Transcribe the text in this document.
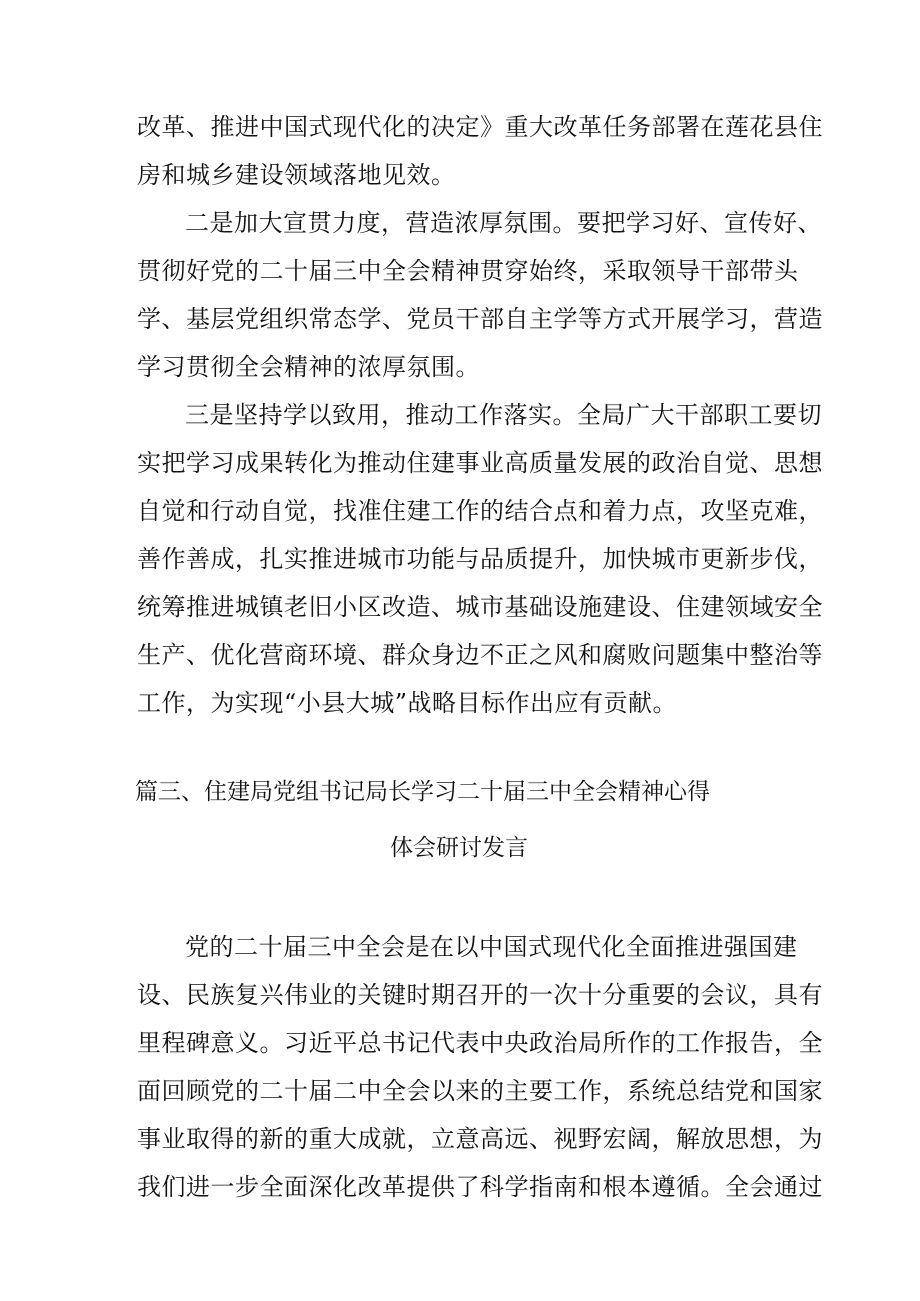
改革、推进中国式现代化的决定》重大改革任务部署在莲花县住
房和城乡建设领域落地见效。
二是加大宣贯力度，营造浓厚氛围。要把学习好、宣传好、
贯彻好党的二十届三中全会精神贯穿始终，采取领导干部带头
学、基层党组织常态学、党员干部自主学等方式开展学习，营造
学习贯彻全会精神的浓厚氛围。
三是坚持学以致用，推动工作落实。全局广大干部职工要切
实把学习成果转化为推动住建事业高质量发展的政治自觉、思想
自觉和行动自觉，找准住建工作的结合点和着力点，攻坚克难，
善作善成，扎实推进城市功能与品质提升，加快城市更新步伐，
统筹推进城镇老旧小区改造、城市基础设施建设、住建领域安全
生产、优化营商环境、群众身边不正之风和腐败问题集中整治等
工作，为实现“小县大城”战略目标作出应有贡献。
篇三、住建局党组书记局长学习二十届三中全会精神心得
体会研讨发言
党的二十届三中全会是在以中国式现代化全面推进强国建
设、民族复兴伟业的关键时期召开的一次十分重要的会议，具有
里程碑意义。习近平总书记代表中央政治局所作的工作报告，全
面回顾党的二十届二中全会以来的主要工作，系统总结党和国家
事业取得的新的重大成就，立意高远、视野宏阔，解放思想，为
我们进一步全面深化改革提供了科学指南和根本遵循。全会通过
